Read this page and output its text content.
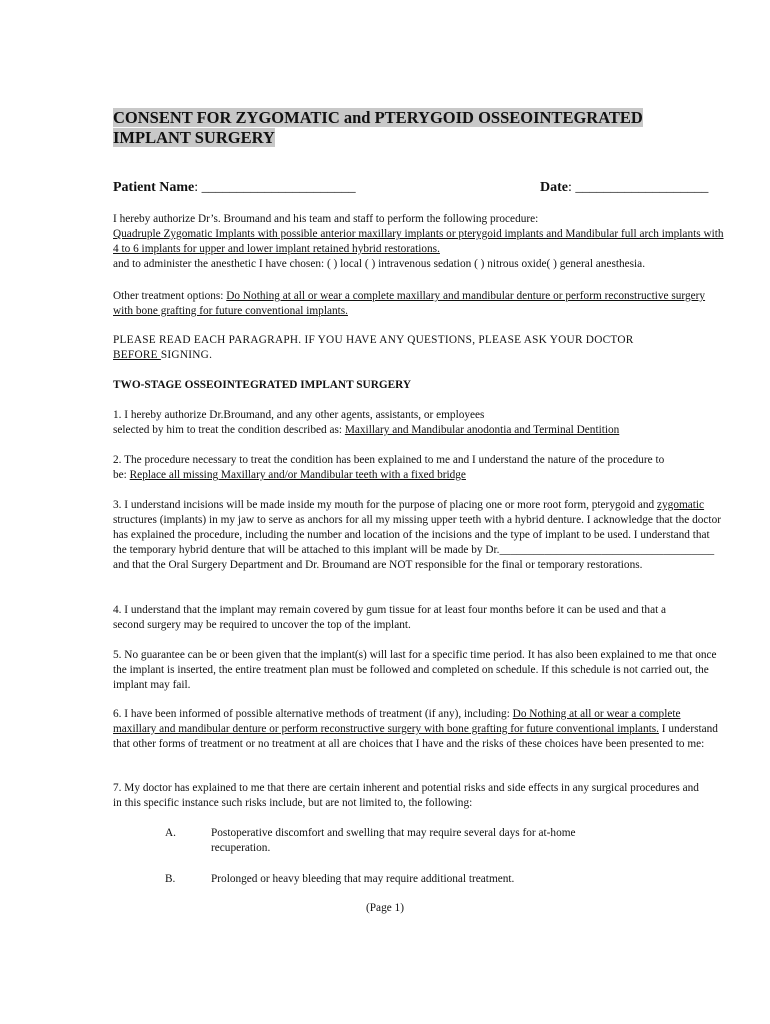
CONSENT FOR ZYGOMATIC and PTERYGOID OSSEOINTEGRATED IMPLANT SURGERY
Patient Name: ______________________	Date: ___________________

I hereby authorize Dr’s. Broumand and his team and staff to perform the following procedure:
Quadruple Zygomatic Implants with possible anterior maxillary implants or pterygoid implants and Mandibular full arch implants with 4 to 6 implants for upper and lower implant retained hybrid restorations.
and to administer the anesthetic I have chosen: ( ) local ( ) intravenous sedation ( ) nitrous oxide( ) general anesthesia.

Other treatment options: Do Nothing at all or wear a complete maxillary and mandibular denture or perform reconstructive surgery with bone grafting for future conventional implants.

PLEASE READ EACH PARAGRAPH. IF YOU HAVE ANY QUESTIONS, PLEASE ASK YOUR DOCTOR
BEFORE SIGNING.

TWO-STAGE OSSEOINTEGRATED IMPLANT SURGERY

1. I hereby authorize Dr.Broumand, and any other agents, assistants, or employees
selected by him to treat the condition described as: Maxillary and Mandibular anodontia and Terminal Dentition

2. The procedure necessary to treat the condition has been explained to me and I understand the nature of the procedure to be: Replace all missing Maxillary and/or Mandibular teeth with a fixed bridge

3. I understand incisions will be made inside my mouth for the purpose of placing one or more root form, pterygoid and zygomatic structures (implants) in my jaw to serve as anchors for all my missing upper teeth with a hybrid denture. I acknowledge that the doctor has explained the procedure, including the number and location of the incisions and the type of implant to be used. I understand that the temporary hybrid denture that will be attached to this implant will be made by Dr.______________________________________ and that the Oral Surgery Department and Dr. Broumand are NOT responsible for the final or temporary restorations.

4. I understand that the implant may remain covered by gum tissue for at least four months before it can be used and that a second surgery may be required to uncover the top of the implant.

5. No guarantee can be or been given that the implant(s) will last for a specific time period. It has also been explained to me that once the implant is inserted, the entire treatment plan must be followed and completed on schedule. If this schedule is not carried out, the implant may fail.

6. I have been informed of possible alternative methods of treatment (if any), including: Do Nothing at all or wear a complete maxillary and mandibular denture or perform reconstructive surgery with bone grafting for future conventional implants. I understand that other forms of treatment or no treatment at all are choices that I have and the risks of these choices have been presented to me:

7. My doctor has explained to me that there are certain inherent and potential risks and side effects in any surgical procedures and in this specific instance such risks include, but are not limited to, the following:

A.	Postoperative discomfort and swelling that may require several days for at-home recuperation.
B.	Prolonged or heavy bleeding that may require additional treatment.
(Page 1)
